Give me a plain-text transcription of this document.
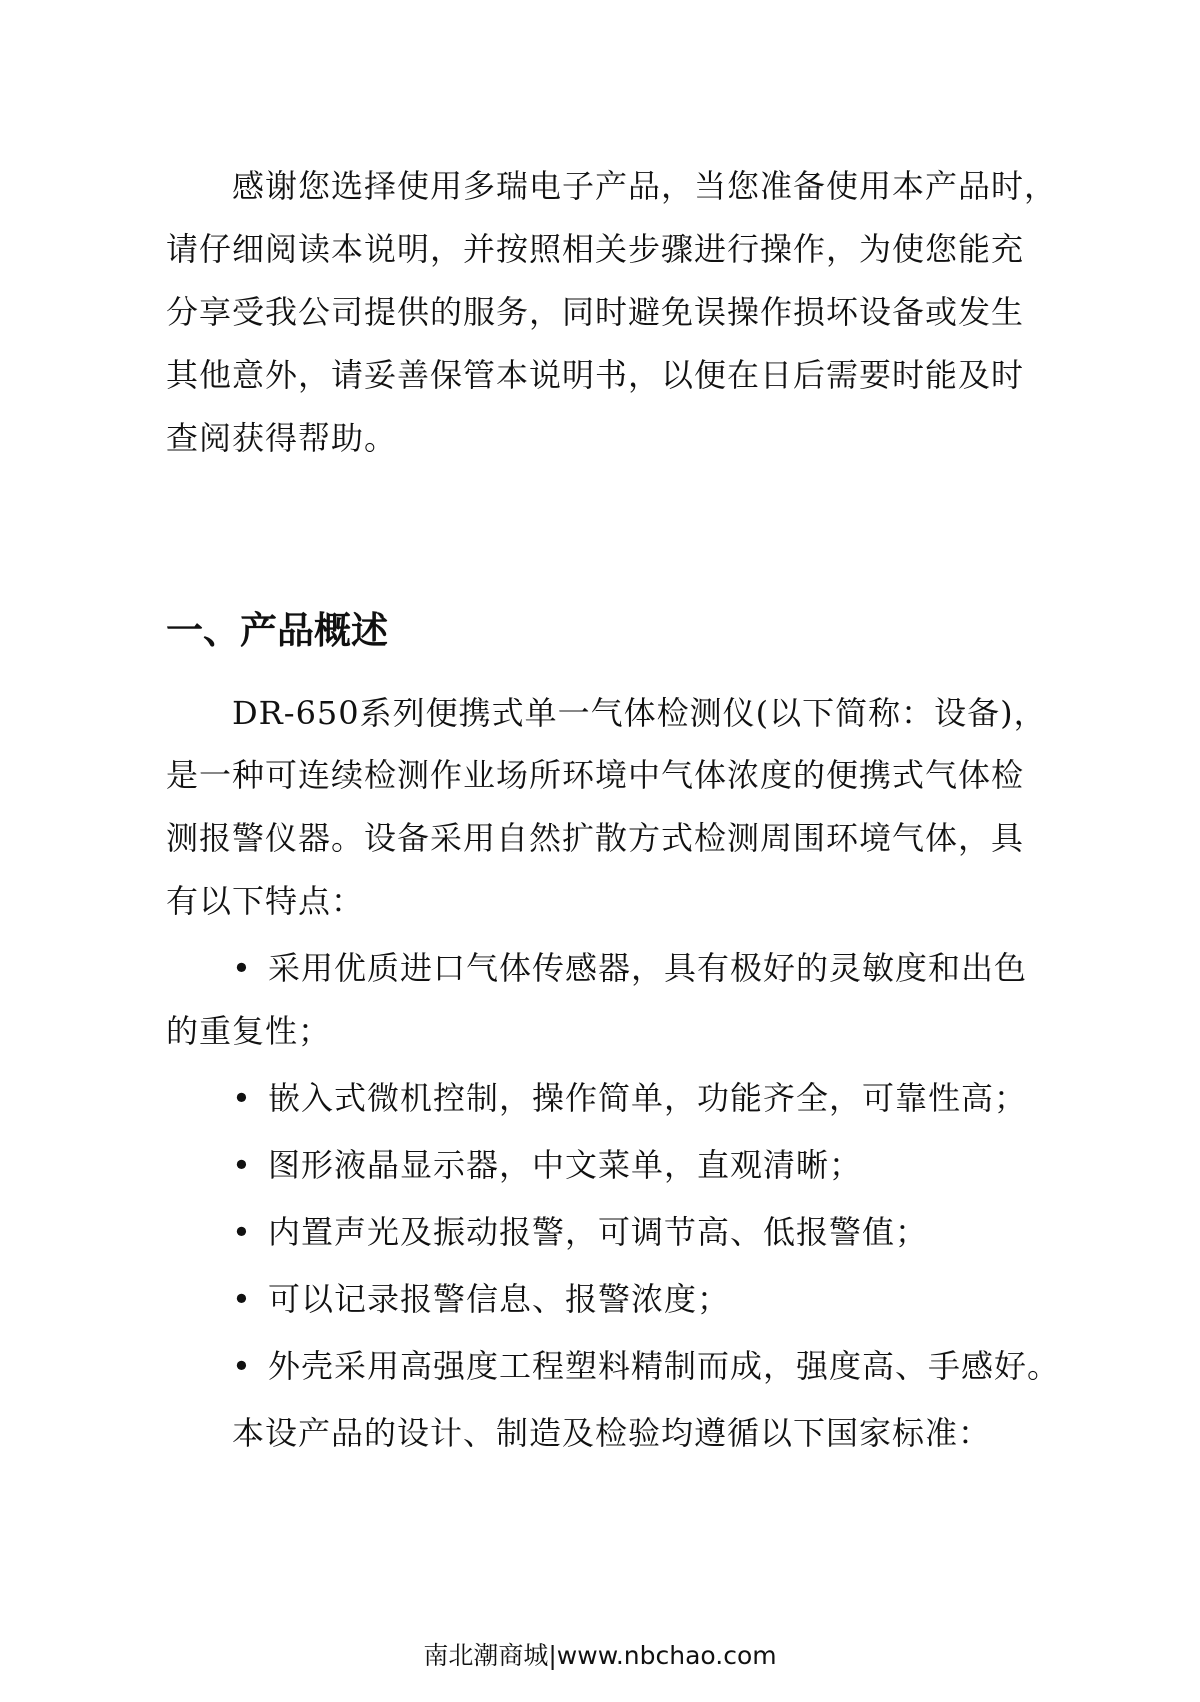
感谢您选择使用多瑞电子产品，当您准备使用本产品时，
请仔细阅读本说明，并按照相关步骤进行操作，为使您能充
分享受我公司提供的服务，同时避免误操作损坏设备或发生
其他意外，请妥善保管本说明书，以便在日后需要时能及时
查阅获得帮助。
一、产品概述
DR-650系列便携式单一气体检测仪(以下简称：设备)，
是一种可连续检测作业场所环境中气体浓度的便携式气体检
测报警仪器。设备采用自然扩散方式检测周围环境气体，具
有以下特点：
• 采用优质进口气体传感器，具有极好的灵敏度和出色
的重复性；
• 嵌入式微机控制，操作简单，功能齐全，可靠性高；
• 图形液晶显示器，中文菜单，直观清晰；
• 内置声光及振动报警，可调节高、低报警值；
• 可以记录报警信息、报警浓度；
• 外壳采用高强度工程塑料精制而成，强度高、手感好。
本设产品的设计、制造及检验均遵循以下国家标准：
南北潮商城|www.nbchao.com
